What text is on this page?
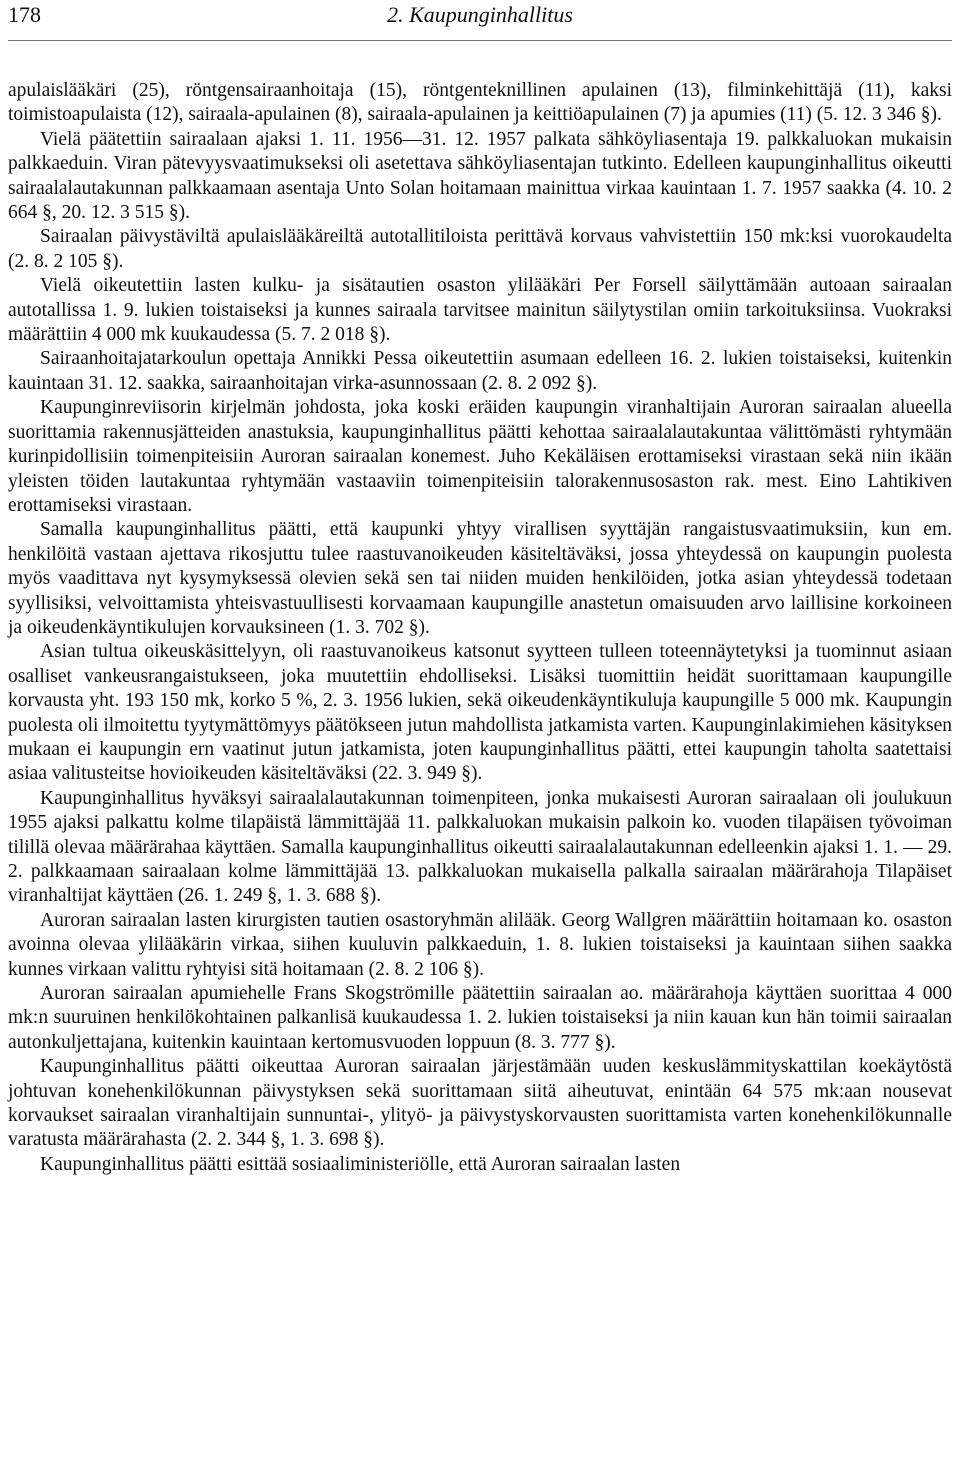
178	2. Kaupunginhallitus

apulaislääkäri (25), röntgensairaanhoitaja (15), röntgenteknillinen apulainen (13), filminkehittäjä (11), kaksi toimistoapulaista (12), sairaala-apulainen (8), sairaala-apulainen ja keittiöapulainen (7) ja apumies (11) (5. 12. 3 346 §).

Vielä päätettiin sairaalaan ajaksi 1. 11. 1956—31. 12. 1957 palkata sähköyliasentaja 19. palkkaluokan mukaisin palkkaeduin. Viran pätevyysvaatimukseksi oli asetettava sähköyliasentajan tutkinto. Edelleen kaupunginhallitus oikeutti sairaalalautakunnan palkkaamaan asentaja Unto Solan hoitamaan mainittua virkaa kauintaan 1. 7. 1957 saakka (4. 10. 2 664 §, 20. 12. 3 515 §).

Sairaalan päivystäviltä apulaislääkäreiltä autotallitiloista perittävä korvaus vahvistettiin 150 mk:ksi vuorokaudelta (2. 8. 2 105 §).

Vielä oikeutettiin lasten kulku- ja sisätautien osaston ylilääkäri Per Forsell säilyttämään autoaan sairaalan autotallissa 1. 9. lukien toistaiseksi ja kunnes sairaala tarvitsee mainitun säilytystilan omiin tarkoituksiinsa. Vuokraksi määrättiin 4 000 mk kuukaudessa (5. 7. 2 018 §).

Sairaanhoitajatarkoulun opettaja Annikki Pessa oikeutettiin asumaan edelleen 16. 2. lukien toistaiseksi, kuitenkin kauintaan 31. 12. saakka, sairaanhoitajan virka-asunnossaan (2. 8. 2 092 §).

Kaupunginreviisorin kirjelmän johdosta, joka koski eräiden kaupungin viranhaltijain Auroran sairaalan alueella suorittamia rakennusjätteiden anastuksia, kaupunginhallitus päätti kehottaa sairaalalautakuntaa välittömästi ryhtymään kurinpidollisiin toimenpiteisiin Auroran sairaalan konemest. Juho Kekäläisen erottamiseksi virastaan sekä niin ikään yleisten töiden lautakuntaa ryhtymään vastaaviin toimenpiteisiin talorakennusosaston rak. mest. Eino Lahtikiven erottamiseksi virastaan.

Samalla kaupunginhallitus päätti, että kaupunki yhtyy virallisen syyttäjän rangaistusvaatimuksiin, kun em. henkilöitä vastaan ajettava rikosjuttu tulee raastuvanoikeuden käsiteltäväksi, jossa yhteydessä on kaupungin puolesta myös vaadittava nyt kysymyksessä olevien sekä sen tai niiden muiden henkilöiden, jotka asian yhteydessä todetaan syyllisiksi, velvoittamista yhteisvastuullisesti korvaamaan kaupungille anastetun omaisuuden arvo laillisine korkoineen ja oikeudenkäyntikulujen korvauksineen (1. 3. 702 §).

Asian tultua oikeuskäsittelyyn, oli raastuvanoikeus katsonut syytteen tulleen toteennäytetyksi ja tuominnut asiaan osalliset vankeusrangaistukseen, joka muutettiin ehdolliseksi. Lisäksi tuomittiin heidät suorittamaan kaupungille korvausta yht. 193 150 mk, korko 5 %, 2. 3. 1956 lukien, sekä oikeudenkäyntikuluja kaupungille 5 000 mk. Kaupungin puolesta oli ilmoitettu tyytymättömyys päätökseen jutun mahdollista jatkamista varten. Kaupunginlakimiehen käsityksen mukaan ei kaupungin ern vaatinut jutun jatkamista, joten kaupunginhallitus päätti, ettei kaupungin taholta saatettaisi asiaa valitusteitse hovioikeuden käsiteltäväksi (22. 3. 949 §).

Kaupunginhallitus hyväksyi sairaalalautakunnan toimenpiteen, jonka mukaisesti Auroran sairaalaan oli joulukuun 1955 ajaksi palkattu kolme tilapäistä lämmittäjää 11. palkkaluokan mukaisin palkoin ko. vuoden tilapäisen työvoiman tilillä olevaa määrärahaa käyttäen. Samalla kaupunginhallitus oikeutti sairaalalautakunnan edelleenkin ajaksi 1. 1. — 29. 2. palkkaamaan sairaalaan kolme lämmittäjää 13. palkkaluokan mukaisella palkalla sairaalan määrärahoja Tilapäiset viranhaltijat käyttäen (26. 1. 249 §, 1. 3. 688 §).

Auroran sairaalan lasten kirurgisten tautien osastoryhmän alilääk. Georg Wallgren määrättiin hoitamaan ko. osaston avoinna olevaa ylilääkärin virkaa, siihen kuuluvin palkkaeduin, 1. 8. lukien toistaiseksi ja kauintaan siihen saakka kunnes virkaan valittu ryhtyisi sitä hoitamaan (2. 8. 2 106 §).

Auroran sairaalan apumiehelle Frans Skogströmille päätettiin sairaalan ao. määrärahoja käyttäen suorittaa 4 000 mk:n suuruinen henkilökohtainen palkanlisä kuukaudessa 1. 2. lukien toistaiseksi ja niin kauan kun hän toimii sairaalan autonkuljettajana, kuitenkin kauintaan kertomusvuoden loppuun (8. 3. 777 §).

Kaupunginhallitus päätti oikeuttaa Auroran sairaalan järjestämään uuden keskuslämmityskattilan koekäytöstä johtuvan konehenkilökunnan päivystyksen sekä suorittamaan siitä aiheutuvat, enintään 64 575 mk:aan nousevat korvaukset sairaalan viranhaltijain sunnuntai-, ylityö- ja päivystyskorvausten suorittamista varten konehenkilökunnalle varatusta määrärahasta (2. 2. 344 §, 1. 3. 698 §).

Kaupunginhallitus päätti esittää sosiaaliministeriölle, että Auroran sairaalan lasten
